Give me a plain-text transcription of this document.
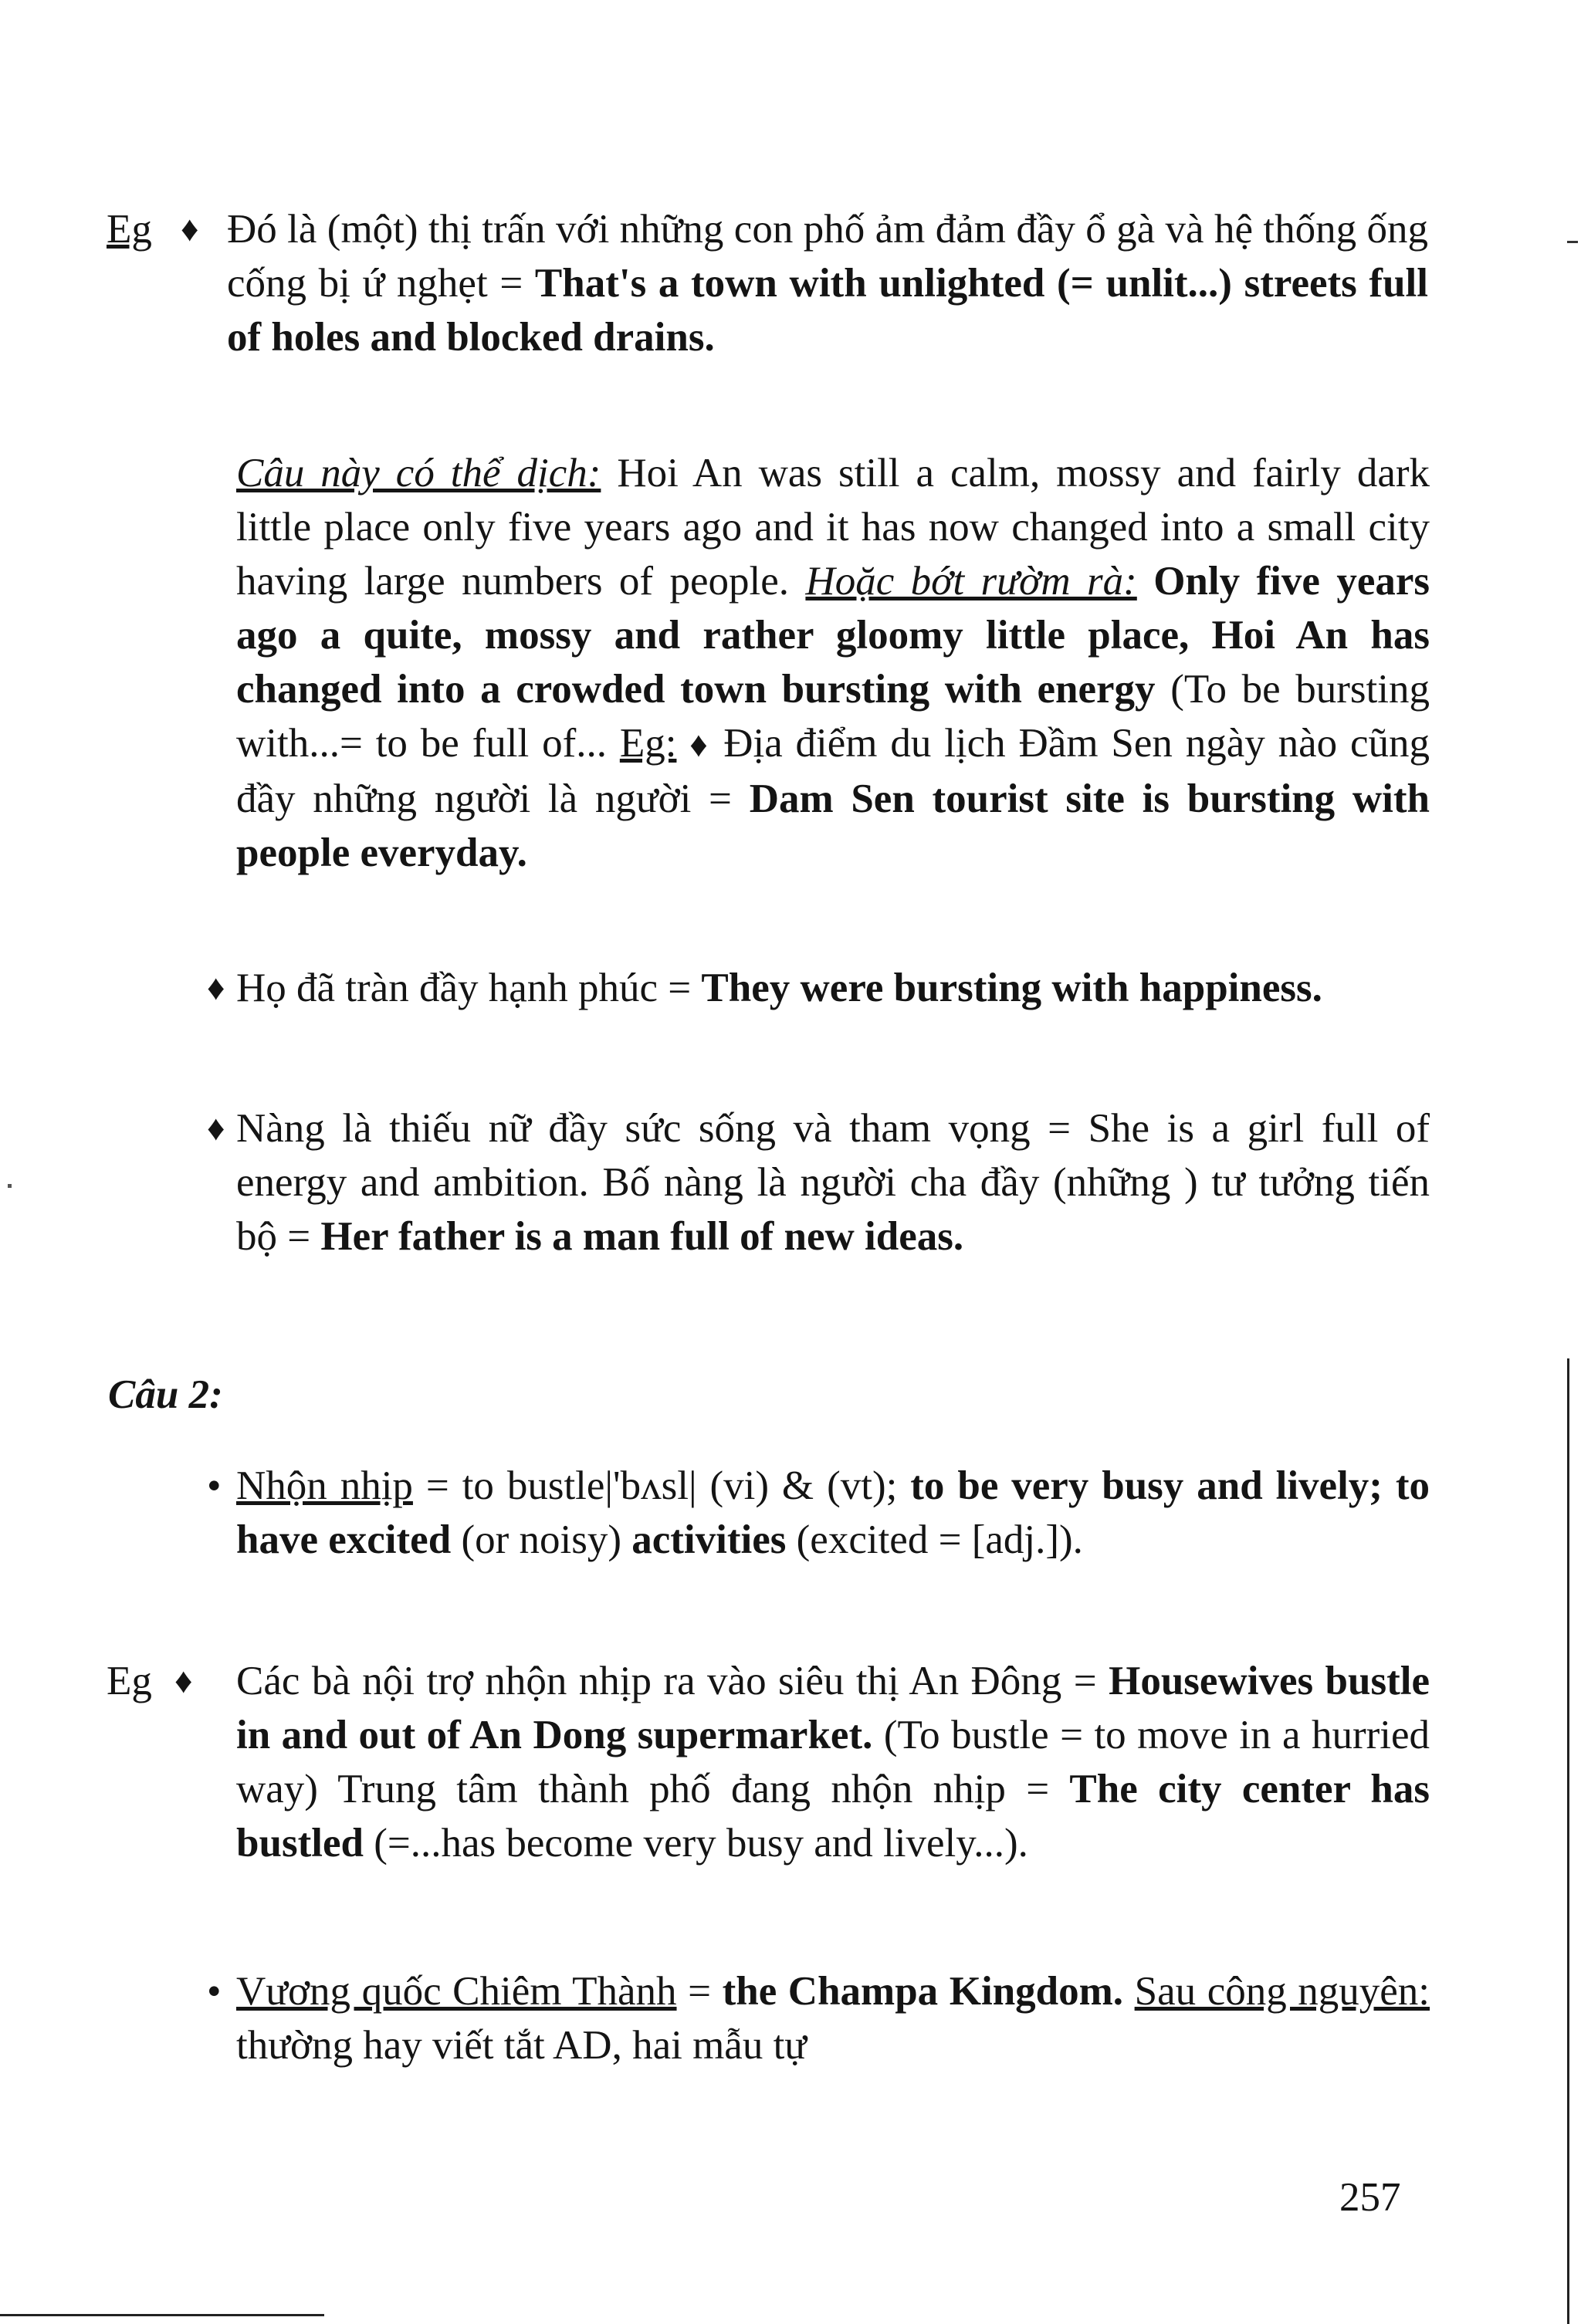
Eg ♦ Đó là (một) thị trấn với những con phố ảm đảm đầy ổ gà và hệ thống ống cống bị ứ nghẹt = That's a town with unlighted (= unlit...) streets full of holes and blocked drains.
Câu này có thể dịch: Hoi An was still a calm, mossy and fairly dark little place only five years ago and it has now changed into a small city having large numbers of people. Hoặc bớt rườm rà: Only five years ago a quite, mossy and rather gloomy little place, Hoi An has changed into a crowded town bursting with energy (To be bursting with...= to be full of... Eg: ♦ Địa điểm du lịch Đầm Sen ngày nào cũng đầy những người là người = Dam Sen tourist site is bursting with people everyday.
♦ Họ đã tràn đầy hạnh phúc = They were bursting with happiness.
♦ Nàng là thiếu nữ đầy sức sống và tham vọng = She is a girl full of energy and ambition. Bố nàng là người cha đầy (những ) tư tưởng tiến bộ = Her father is a man full of new ideas.
Câu 2:
• Nhộn nhịp = to bustle|'bʌsl| (vi) & (vt); to be very busy and lively; to have excited (or noisy) activities (excited = [adj.]).
Eg ♦ Các bà nội trợ nhộn nhịp ra vào siêu thị An Đông = Housewives bustle in and out of An Dong supermarket. (To bustle = to move in a hurried way) Trung tâm thành phố đang nhộn nhịp = The city center has bustled (=...has become very busy and lively...).
• Vương quốc Chiêm Thành = the Champa Kingdom. Sau công nguyên: thường hay viết tắt AD, hai mẫu tự
257
